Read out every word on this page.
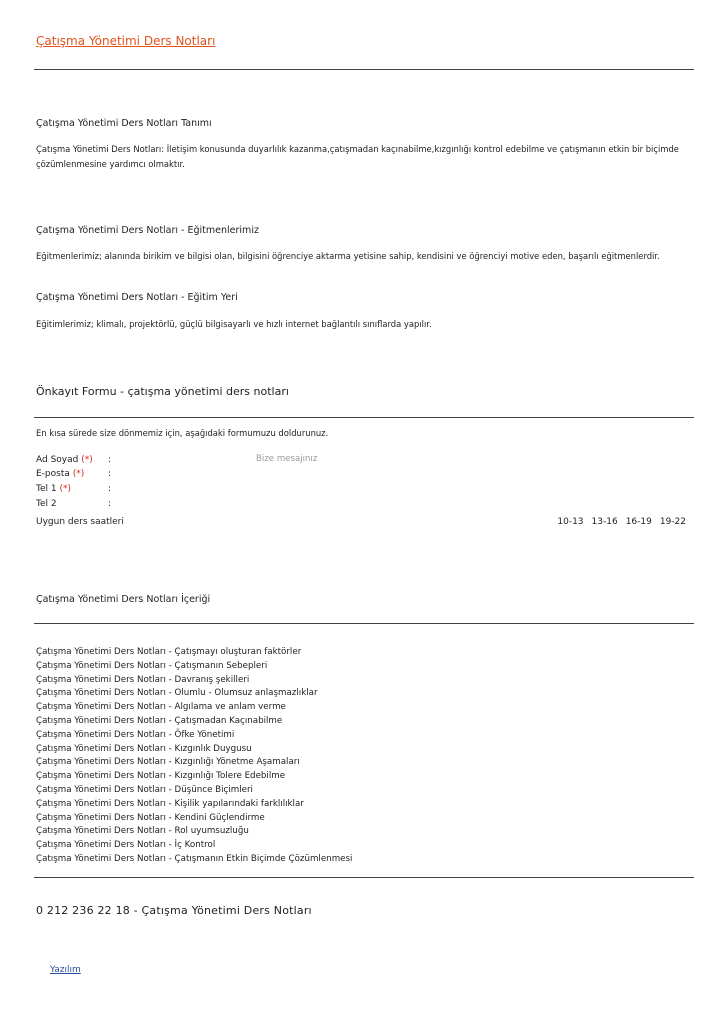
Çatışma Yönetimi Ders Notları
Çatışma Yönetimi Ders Notları Tanımı
Çatışma Yönetimi Ders Notları: İletişim konusunda duyarlılık kazanma,çatışmadan kaçınabilme,kızgınlığı kontrol edebilme ve çatışmanın etkin bir biçimde çözümlenmesine yardımcı olmaktır.
Çatışma Yönetimi Ders Notları - Eğitmenlerimiz
Eğitmenlerimiz; alanında birikim ve bilgisi olan, bilgisini öğrenciye aktarma yetisine sahip, kendisini ve öğrenciyi motive eden, başarılı eğitmenlerdir.
Çatışma Yönetimi Ders Notları - Eğitim Yeri
Eğitimlerimiz; klimalı, projektörlü, güçlü bilgisayarlı ve hızlı internet bağlantılı sınıflarda yapılır.
Önkayıt Formu - çatışma yönetimi ders notları
En kısa sürede size dönmemiz için, aşağıdaki formumuzu doldurunuz.
Ad Soyad (*) :
E-posta (*)	:
Tel 1 (*)	:
Tel 2	:
Bize mesajınız
Uygun ders saatleri	10-13 13-16 16-19 19-22
Çatışma Yönetimi Ders Notları İçeriği
Çatışma Yönetimi Ders Notları - Çatışmayı oluşturan faktörler
Çatışma Yönetimi Ders Notları - Çatışmanın Sebepleri
Çatışma Yönetimi Ders Notları - Davranış şekilleri
Çatışma Yönetimi Ders Notları - Olumlu - Olumsuz anlaşmazlıklar
Çatışma Yönetimi Ders Notları - Algılama ve anlam verme
Çatışma Yönetimi Ders Notları - Çatışmadan Kaçınabilme
Çatışma Yönetimi Ders Notları - Öfke Yönetimi
Çatışma Yönetimi Ders Notları - Kızgınlık Duygusu
Çatışma Yönetimi Ders Notları - Kızgınlığı Yönetme Aşamaları
Çatışma Yönetimi Ders Notları - Kızgınlığı Tolere Edebilme
Çatışma Yönetimi Ders Notları - Düşünce Biçimleri
Çatışma Yönetimi Ders Notları - Kişilik yapılarındaki farklılıklar
Çatışma Yönetimi Ders Notları - Kendini Güçlendirme
Çatışma Yönetimi Ders Notları - Rol uyumsuzluğu
Çatışma Yönetimi Ders Notları - İç Kontrol
Çatışma Yönetimi Ders Notları - Çatışmanın Etkin Biçimde Çözümlenmesi
0 212 236 22 18 - Çatışma Yönetimi Ders Notları
Yazılım
